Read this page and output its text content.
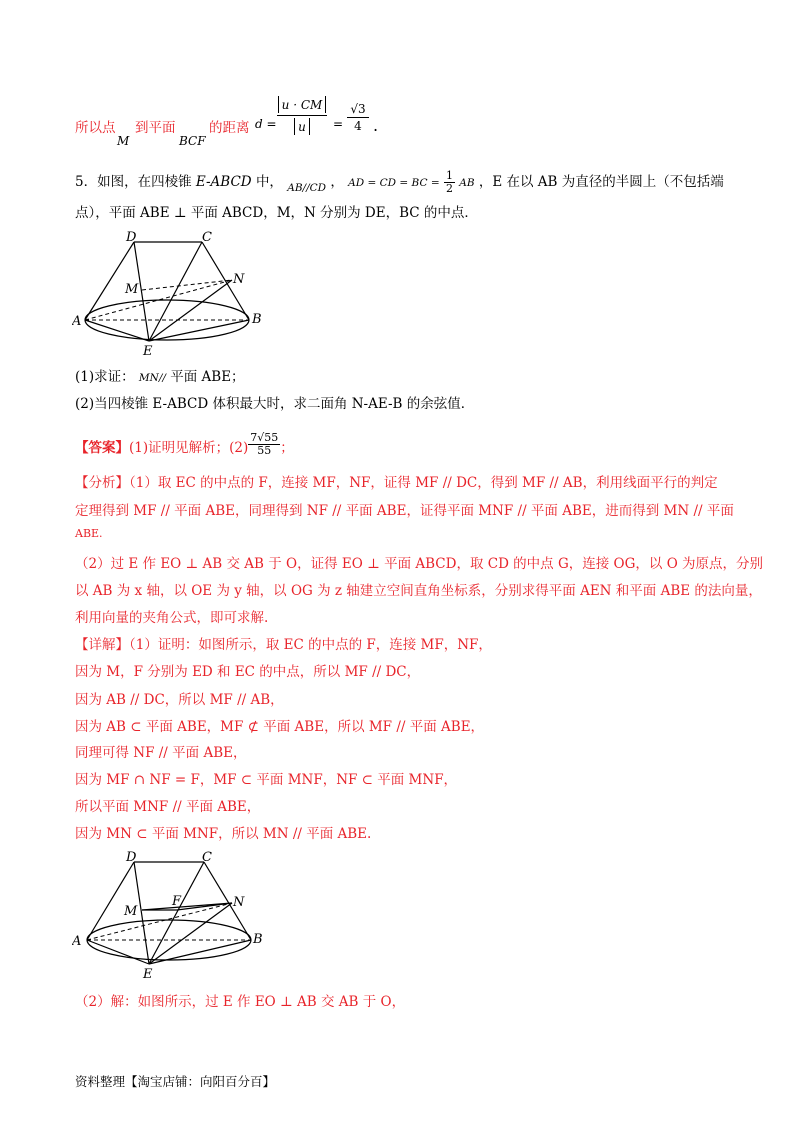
所以点
M
到平面
BCF
的距离 d =
u · CM
u	= $\frac{√3}{4}$ .
5．如图，在四棱锥 E-ABCD 中， $_{AB//CD}$ ， AD = CD = BC = $\frac{1}{2}$ AB ，E 在以 AB 为直径的半圆上（不包括端
点），平面 ABE ⊥ 平面 ABCD，M，N 分别为 DE，BC 的中点．
D	C
N
M
A	B
E
(1)求证： MN// 平面 ABE；
(2)当四棱锥 E-ABCD 体积最大时，求二面角 N-AE-B 的余弦值．
【答案】(1)证明见解析；$(2) \frac{7√55}{55}$ ；
【分析】（1）取 EC 的中点的 F，连接 MF，NF，证得 MF // DC，得到 MF // AB，利用线面平行的判定
定理得到 MF // 平面 ABE，同理得到 NF // 平面 ABE，证得平面 MNF // 平面 ABE，进而得到 MN // 平面
ABE.
（2）过 E 作 EO ⊥ AB 交 AB 于 O，证得 EO ⊥ 平面 ABCD，取 CD 的中点 G，连接 OG，以 O 为原点，分别
以 AB 为 x 轴，以 OE 为 y 轴，以 OG 为 z 轴建立空间直角坐标系，分别求得平面 AEN 和平面 ABE 的法向量，
利用向量的夹角公式，即可求解.
【详解】（1）证明：如图所示，取 EC 的中点的 F，连接 MF，NF，
因为 M，F 分别为 ED 和 EC 的中点，所以 MF // DC，
因为 AB // DC，所以 MF // AB，
因为 AB ⊂ 平面 ABE，MF ⊄ 平面 ABE，所以 MF // 平面 ABE，
同理可得 NF // 平面 ABE，
因为 MF ∩ NF = F，MF ⊂ 平面 MNF，NF ⊂ 平面 MNF，
所以平面 MNF // 平面 ABE，
因为 MN ⊂ 平面 MNF，所以 MN // 平面 ABE.
D	C
N
M
F
A	B
E
（2）解：如图所示，过 E 作 EO ⊥ AB 交 AB 于 O，
资料整理【淘宝店铺：向阳百分百】
